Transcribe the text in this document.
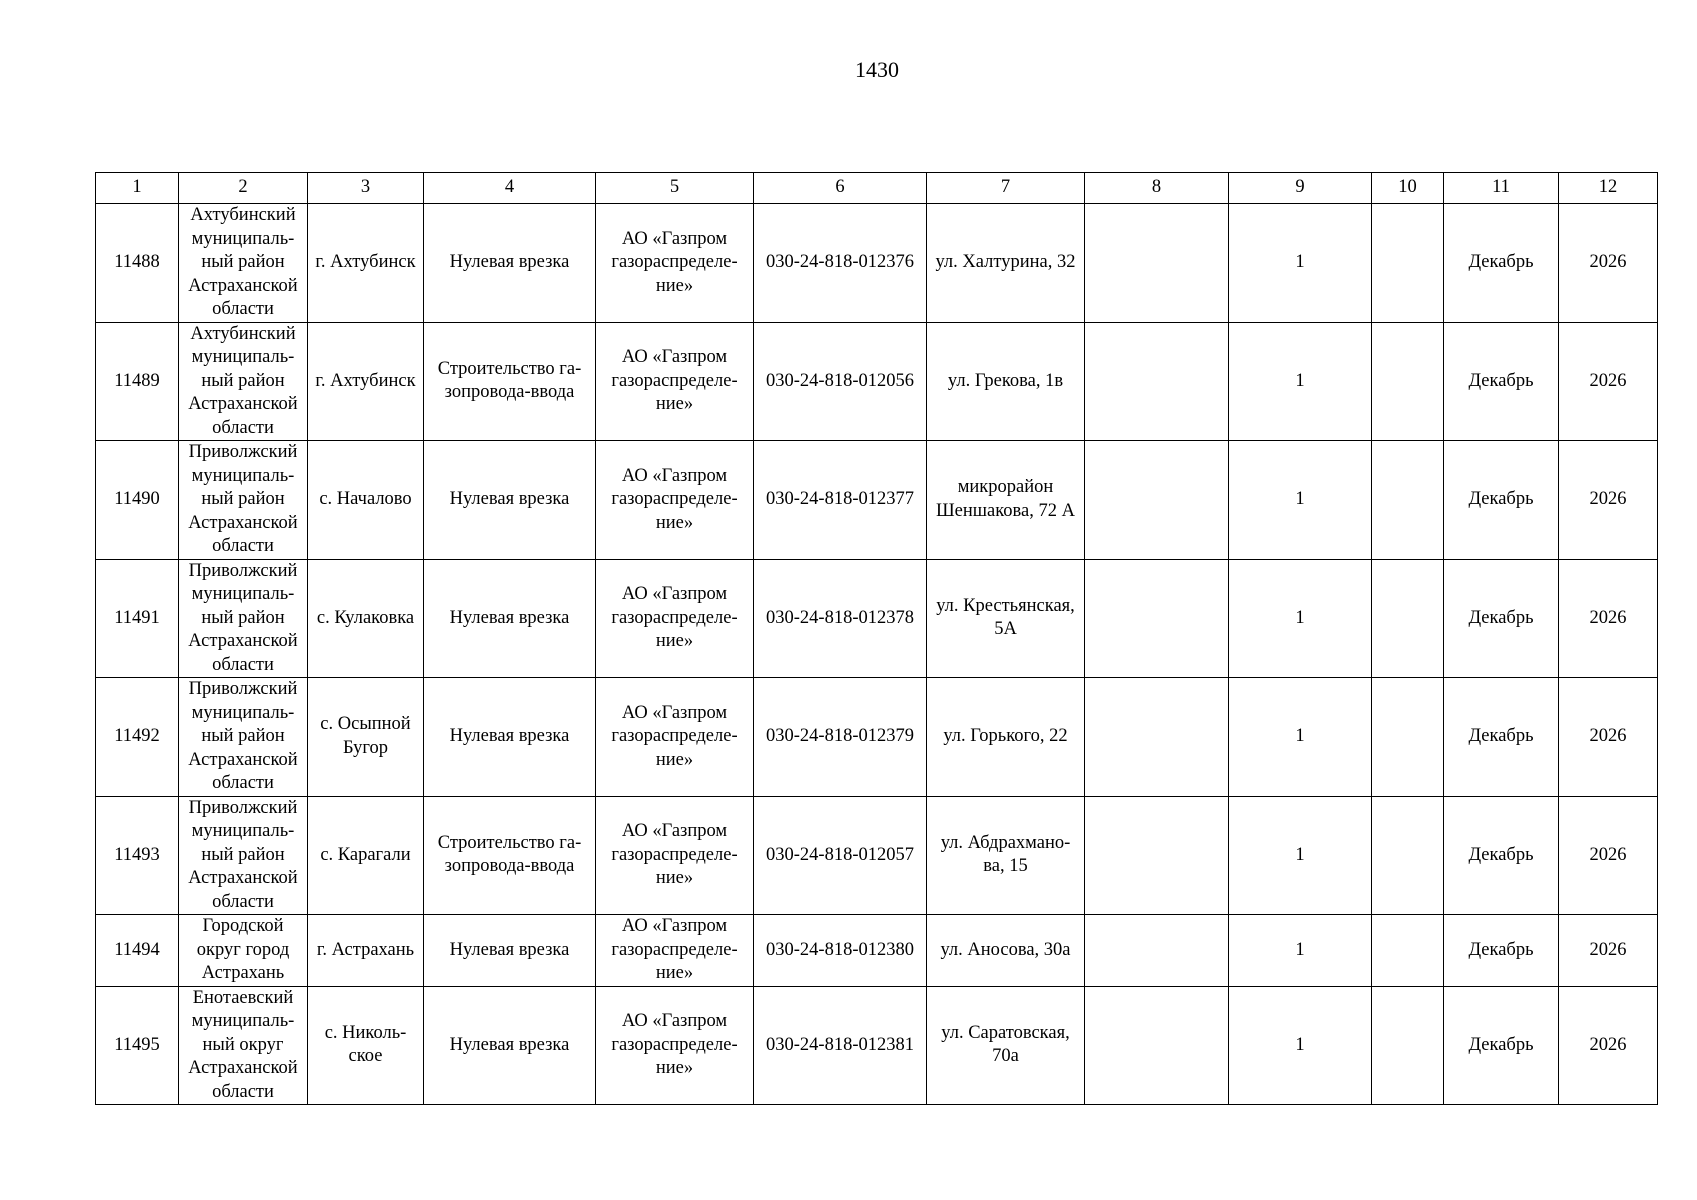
1430
1	2	3	4	5	6	7	8	9	10	11	12
11488	Ахтубинский
муниципаль-
ный район
Астраханской
области	г. Ахтубинск	Нулевая врезка	АО «Газпром
газораспределе-
ние»	030-24-818-012376	ул. Халтурина, 32		1		Декабрь	2026
11489	Ахтубинский
муниципаль-
ный район
Астраханской
области	г. Ахтубинск	Строительство га-
зопровода-ввода	АО «Газпром
газораспределе-
ние»	030-24-818-012056	ул. Грекова, 1в		1		Декабрь	2026
11490	Приволжский
муниципаль-
ный район
Астраханской
области	с. Началово	Нулевая врезка	АО «Газпром
газораспределе-
ние»	030-24-818-012377	микрорайон
Шеншакова, 72 А		1		Декабрь	2026
11491	Приволжский
муниципаль-
ный район
Астраханской
области	с. Кулаковка	Нулевая врезка	АО «Газпром
газораспределе-
ние»	030-24-818-012378	ул. Крестьянская,
5А		1		Декабрь	2026
11492	Приволжский
муниципаль-
ный район
Астраханской
области	с. Осыпной
Бугор	Нулевая врезка	АО «Газпром
газораспределе-
ние»	030-24-818-012379	ул. Горького, 22		1		Декабрь	2026
11493	Приволжский
муниципаль-
ный район
Астраханской
области	с. Карагали	Строительство га-
зопровода-ввода	АО «Газпром
газораспределе-
ние»	030-24-818-012057	ул. Абдрахмано-
ва, 15		1		Декабрь	2026
11494	Городской
округ город
Астрахань	г. Астрахань	Нулевая врезка	АО «Газпром
газораспределе-
ние»	030-24-818-012380	ул. Аносова, 30а		1		Декабрь	2026
11495	Енотаевский
муниципаль-
ный округ
Астраханской
области	с. Николь-
ское	Нулевая врезка	АО «Газпром
газораспределе-
ние»	030-24-818-012381	ул. Саратовская,
70а		1		Декабрь	2026
